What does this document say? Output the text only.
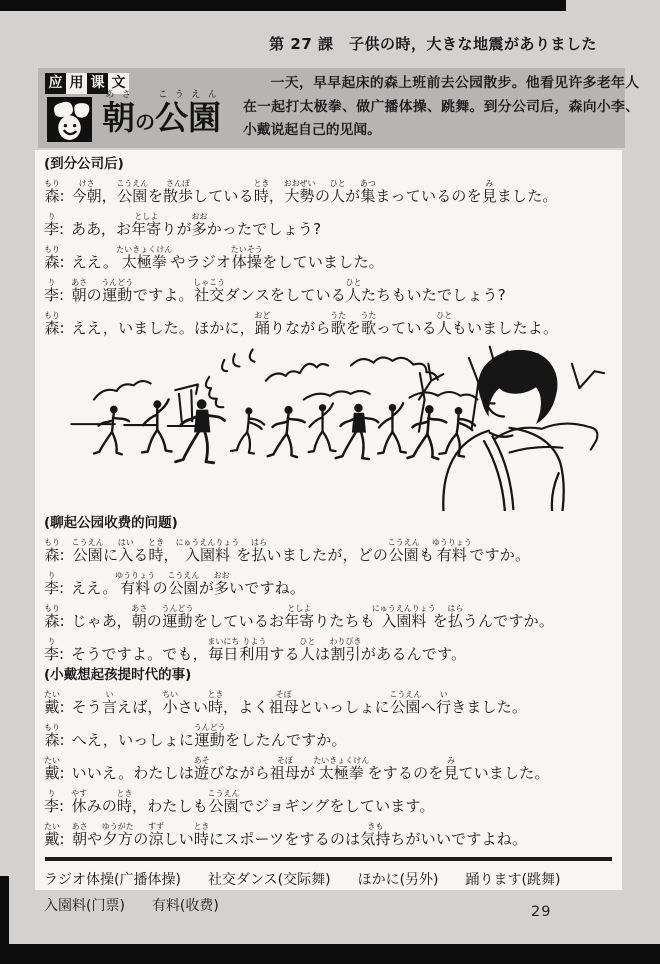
第 27 課　子供の時，大きな地震がありました
应 用 课 文
朝あさの公こう園えん
一天，早早起床的森上班前去公园散步。他看见许多老年人在一起打太极拳、做广播体操、跳舞。到分公司后，森向小李、小戴说起自己的见闻。
(到分公司后)
森もり: 今朝けさ，公園こうえんを散歩さんぽしている時とき，大勢おおぜいの人ひとが集あつまっているのを見みました。
李り: ああ，お年寄としよりが多おおかったでしょう?
森もり: ええ。太極拳たいきょくけんやラジオ体操たいそうをしていました。
李り: 朝あさの運動うんどうですよ。社交しゃこうダンスをしている人ひとたちもいたでしょう?
森もり: ええ，いました。ほかに，踊おどりながら歌うたを歌うたっている人ひともいましたよ。
(聊起公园收费的问题)
森もり: 公園こうえんに入はいる時とき，入園料にゅうえんりょうを払はらいましたが，どの公園こうえんも有料ゆうりょうですか。
李り: ええ。有料ゆうりょうの公園こうえんが多おおいですね。
森もり: じゃあ，朝あさの運動うんどうをしているお年寄としよりたちも入園料にゅうえんりょうを払はらうんですか。
李り: そうですよ。でも，毎日まいにち利用りようする人ひとは割引わりびきがあるんです。
(小戴想起孩提时代的事)
戴たい: そう言いえば，小ちいさい時とき，よく祖母そぼといっしょに公園こうえんへ行いきました。
森もり: へえ，いっしょに運動うんどうをしたんですか。
戴たい: いいえ。わたしは遊あそびながら祖母そぼが太極拳たいきょくけんをするのを見みていました。
李り: 休やすみの時とき，わたしも公園こうえんでジョギングをしています。
戴たい: 朝あさや夕方ゆうがたの涼すずしい時ときにスポーツをするのは気持きもちがいいですよね。
ラジオ体操(广播体操) 社交ダンス(交际舞) ほかに(另外) 踊ります(跳舞)
入園料(门票) 有料(收费)	29
